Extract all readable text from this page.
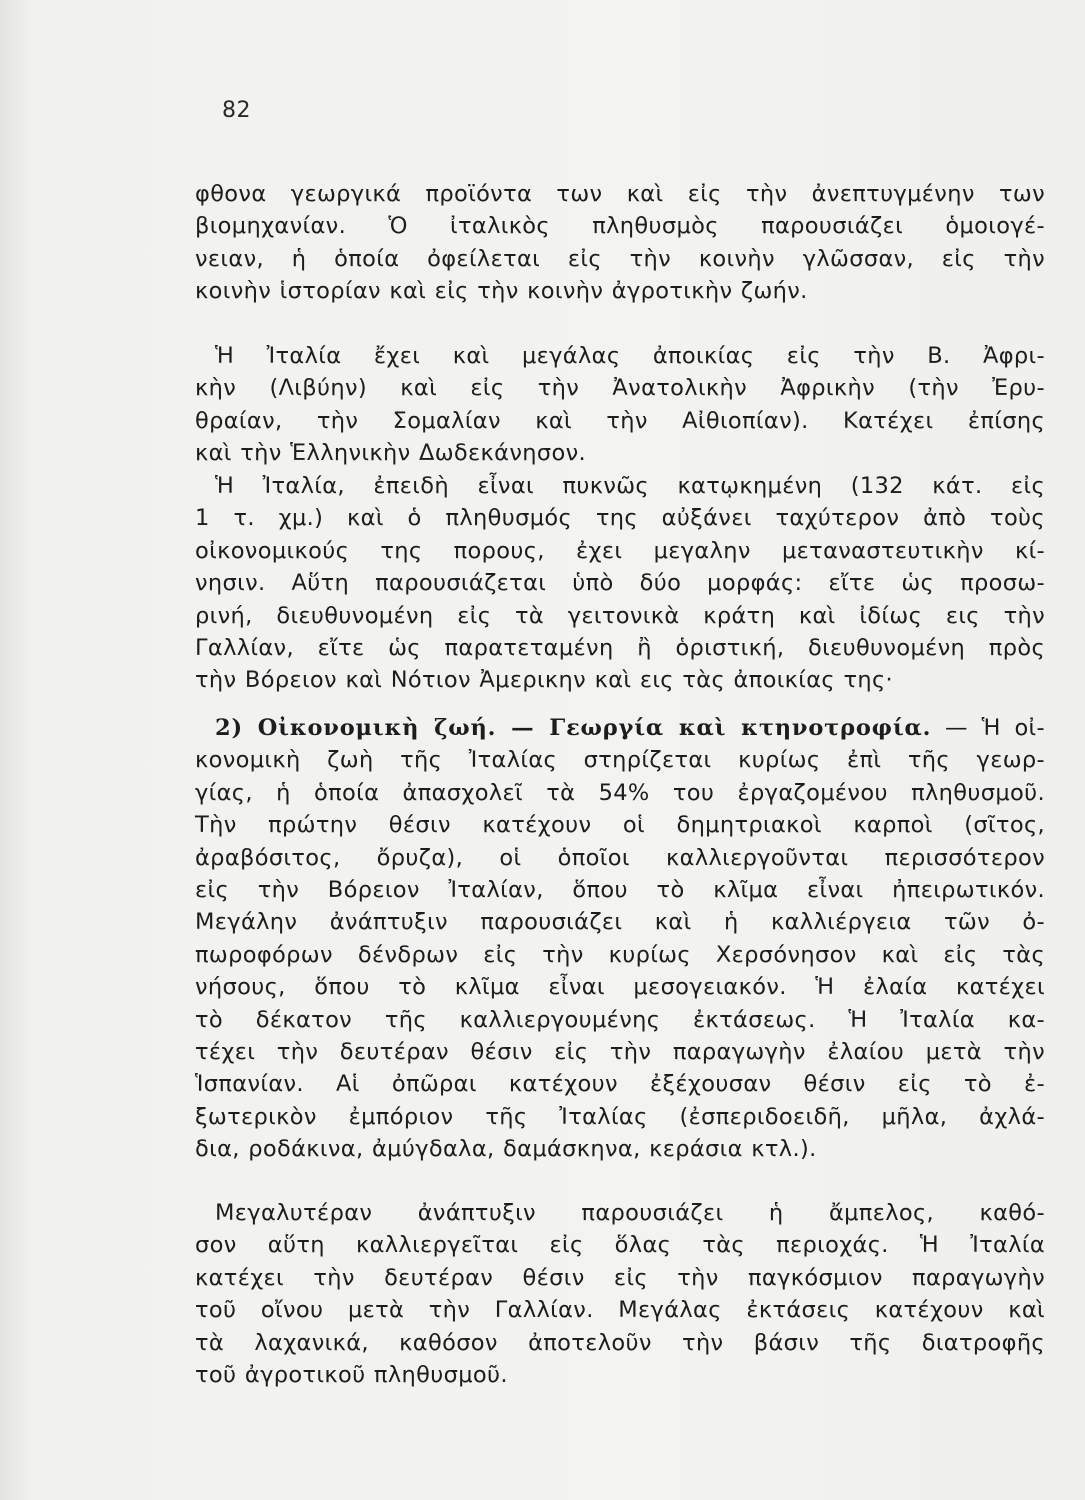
82
φθονα γεωργικά προϊόντα των καὶ εἰς τὴν ἀνεπτυγμένην των
βιομηχανίαν. Ὁ ἰταλικὸς πληθυσμὸς παρουσιάζει ὁμοιογέ-
νειαν, ἡ ὁποία ὀφείλεται εἰς τὴν κοινὴν γλῶσσαν, εἰς τὴν
κοινὴν ἱστορίαν καὶ εἰς τὴν κοινὴν ἀγροτικὴν ζωήν.
Ἡ Ἰταλία ἔχει καὶ μεγάλας ἀποικίας εἰς τὴν Β. Ἀφρι-
κὴν (Λιβύην) καὶ εἰς τὴν Ἀνατολικὴν Ἀφρικὴν (τὴν Ἐρυ-
θραίαν, τὴν Σομαλίαν καὶ τὴν Αἰθιοπίαν). Κατέχει ἐπίσης
καὶ τὴν Ἑλληνικὴν Δωδεκάνησον.
Ἡ Ἰταλία, ἐπειδὴ εἶναι πυκνῶς κατῳκημένη (132 κάτ. εἰς
1 τ. χμ.) καὶ ὁ πληθυσμός της αὐξάνει ταχύτερον ἀπὸ τοὺς
οἰκονομικούς της πορους, ἐχει μεγαλην μεταναστευτικὴν κί-
νησιν. Αὕτη παρουσιάζεται ὑπὸ δύο μορφάς: εἴτε ὡς προσω-
ρινή, διευθυνομένη εἰς τὰ γειτονικὰ κράτη καὶ ἰδίως εις τὴν
Γαλλίαν, εἴτε ὡς παρατεταμένη ἢ ὁριστική, διευθυνομένη πρὸς
τὴν Βόρειον καὶ Νότιον Ἀμερικην καὶ εις τὰς ἀποικίας της·
2) Οἰκονομικὴ ζωή. — Γεωργία καὶ κτηνοτροφία. — Ἡ οἰ-
κονομικὴ ζωὴ τῆς Ἰταλίας στηρίζεται κυρίως ἐπὶ τῆς γεωρ-
γίας, ἡ ὁποία ἀπασχολεῖ τὰ 54% του ἐργαζομένου πληθυσμοῦ.
Τὴν πρώτην θέσιν κατέχουν οἱ δημητριακοὶ καρποὶ (σῖτος,
ἀραβόσιτος, ὄρυζα), οἱ ὁποῖοι καλλιεργοῦνται περισσότερον
εἰς τὴν Βόρειον Ἰταλίαν, ὅπου τὸ κλῖμα εἶναι ἠπειρωτικόν.
Μεγάλην ἀνάπτυξιν παρουσιάζει καὶ ἡ καλλιέργεια τῶν ὀ-
πωροφόρων δένδρων εἰς τὴν κυρίως Χερσόνησον καὶ εἰς τὰς
νήσους, ὅπου τὸ κλῖμα εἶναι μεσογειακόν. Ἡ ἐλαία κατέχει
τὸ δέκατον τῆς καλλιεργουμένης ἐκτάσεως. Ἡ Ἰταλία κα-
τέχει τὴν δευτέραν θέσιν εἰς τὴν παραγωγὴν ἐλαίου μετὰ τὴν
Ἱσπανίαν. Αἱ ὀπῶραι κατέχουν ἐξέχουσαν θέσιν εἰς τὸ ἐ-
ξωτερικὸν ἐμπόριον τῆς Ἰταλίας (ἐσπεριδοειδῆ, μῆλα, ἀχλά-
δια, ροδάκινα, ἀμύγδαλα, δαμάσκηνα, κεράσια κτλ.).
Μεγαλυτέραν ἀνάπτυξιν παρουσιάζει ἡ ἄμπελος, καθό-
σον αὕτη καλλιεργεῖται εἰς ὅλας τὰς περιοχάς. Ἡ Ἰταλία
κατέχει τὴν δευτέραν θέσιν εἰς τὴν παγκόσμιον παραγωγὴν
τοῦ οἴνου μετὰ τὴν Γαλλίαν. Μεγάλας ἐκτάσεις κατέχουν καὶ
τὰ λαχανικά, καθόσον ἀποτελοῦν τὴν βάσιν τῆς διατροφῆς
τοῦ ἀγροτικοῦ πληθυσμοῦ.
